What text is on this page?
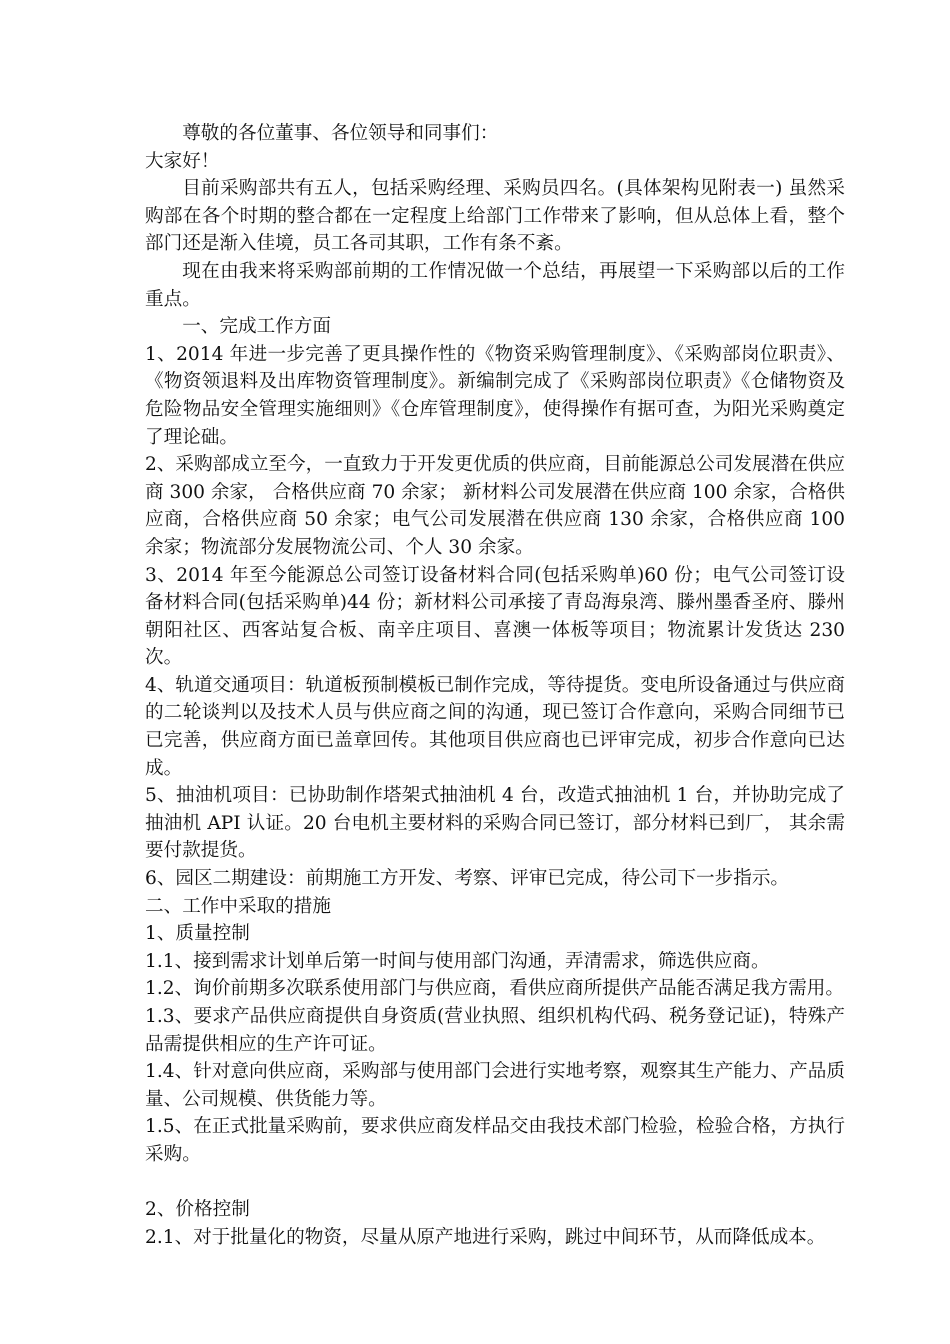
尊敬的各位董事、各位领导和同事们：

大家好！

目前采购部共有五人，包括采购经理、采购员四名。(具体架构见附表一) 虽然采购部在各个时期的整合都在一定程度上给部门工作带来了影响，但从总体上看，整个部门还是渐入佳境，员工各司其职，工作有条不紊。

现在由我来将采购部前期的工作情况做一个总结，再展望一下采购部以后的工作重点。

一、完成工作方面

1、2014 年进一步完善了更具操作性的《物资采购管理制度》、《采购部岗位职责》、《物资领退料及出库物资管理制度》。新编制完成了《采购部岗位职责》《仓储物资及危险物品安全管理实施细则》《仓库管理制度》，使得操作有据可查，为阳光采购奠定了理论础。

2、采购部成立至今，一直致力于开发更优质的供应商，目前能源总公司发展潜在供应商 300 余家， 合格供应商 70 余家； 新材料公司发展潜在供应商 100 余家，合格供应商，合格供应商 50 余家；电气公司发展潜在供应商 130 余家，合格供应商 100 余家；物流部分发展物流公司、个人 30 余家。

3、2014 年至今能源总公司签订设备材料合同(包括采购单)60 份；电气公司签订设备材料合同(包括采购单)44 份；新材料公司承接了青岛海泉湾、滕州墨香圣府、滕州朝阳社区、西客站复合板、南辛庄项目、喜澳一体板等项目；物流累计发货达 230次。

4、轨道交通项目：轨道板预制模板已制作完成，等待提货。变电所设备通过与供应商的二轮谈判以及技术人员与供应商之间的沟通，现已签订合作意向，采购合同细节已已完善，供应商方面已盖章回传。其他项目供应商也已评审完成，初步合作意向已达成。

5、抽油机项目：已协助制作塔架式抽油机 4 台，改造式抽油机 1 台，并协助完成了抽油机 API 认证。20 台电机主要材料的采购合同已签订，部分材料已到厂， 其余需要付款提货。

6、园区二期建设：前期施工方开发、考察、评审已完成，待公司下一步指示。

二、工作中采取的措施

1、质量控制

1.1、接到需求计划单后第一时间与使用部门沟通，弄清需求，筛选供应商。

1.2、询价前期多次联系使用部门与供应商，看供应商所提供产品能否满足我方需用。

1.3、要求产品供应商提供自身资质(营业执照、组织机构代码、税务登记证)，特殊产品需提供相应的生产许可证。

1.4、针对意向供应商，采购部与使用部门会进行实地考察，观察其生产能力、产品质量、公司规模、供货能力等。

1.5、在正式批量采购前，要求供应商发样品交由我技术部门检验，检验合格，方执行采购。

2、价格控制

2.1、对于批量化的物资，尽量从原产地进行采购，跳过中间环节，从而降低成本。
